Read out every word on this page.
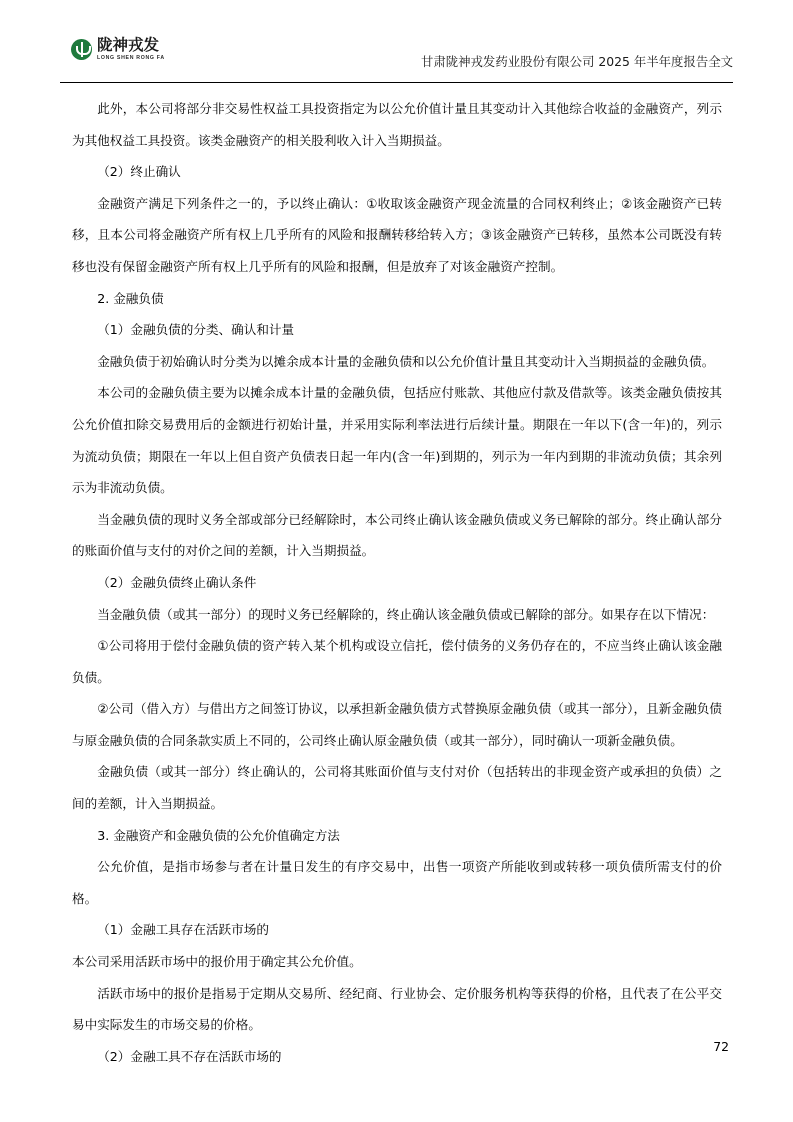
陇神戎发
LONG SHEN RONG FA	甘肃陇神戎发药业股份有限公司 2025 年半年度报告全文

此外，本公司将部分非交易性权益工具投资指定为以公允价值计量且其变动计入其他综合收益的金融资产，列示为其他权益工具投资。该类金融资产的相关股利收入计入当期损益。

（2）终止确认

金融资产满足下列条件之一的，予以终止确认：①收取该金融资产现金流量的合同权利终止；②该金融资产已转移，且本公司将金融资产所有权上几乎所有的风险和报酬转移给转入方；③该金融资产已转移，虽然本公司既没有转移也没有保留金融资产所有权上几乎所有的风险和报酬，但是放弃了对该金融资产控制。

2. 金融负债

（1）金融负债的分类、确认和计量

金融负债于初始确认时分类为以摊余成本计量的金融负债和以公允价值计量且其变动计入当期损益的金融负债。

本公司的金融负债主要为以摊余成本计量的金融负债，包括应付账款、其他应付款及借款等。该类金融负债按其公允价值扣除交易费用后的金额进行初始计量，并采用实际利率法进行后续计量。期限在一年以下(含一年)的，列示为流动负债；期限在一年以上但自资产负债表日起一年内(含一年)到期的，列示为一年内到期的非流动负债；其余列示为非流动负债。

当金融负债的现时义务全部或部分已经解除时，本公司终止确认该金融负债或义务已解除的部分。终止确认部分的账面价值与支付的对价之间的差额，计入当期损益。

（2）金融负债终止确认条件

当金融负债（或其一部分）的现时义务已经解除的，终止确认该金融负债或已解除的部分。如果存在以下情况：

①公司将用于偿付金融负债的资产转入某个机构或设立信托，偿付债务的义务仍存在的，不应当终止确认该金融负债。

②公司（借入方）与借出方之间签订协议，以承担新金融负债方式替换原金融负债（或其一部分），且新金融负债与原金融负债的合同条款实质上不同的，公司终止确认原金融负债（或其一部分），同时确认一项新金融负债。

金融负债（或其一部分）终止确认的，公司将其账面价值与支付对价（包括转出的非现金资产或承担的负债）之间的差额，计入当期损益。

3. 金融资产和金融负债的公允价值确定方法

公允价值，是指市场参与者在计量日发生的有序交易中，出售一项资产所能收到或转移一项负债所需支付的价格。

（1）金融工具存在活跃市场的

本公司采用活跃市场中的报价用于确定其公允价值。

活跃市场中的报价是指易于定期从交易所、经纪商、行业协会、定价服务机构等获得的价格，且代表了在公平交易中实际发生的市场交易的价格。

（2）金融工具不存在活跃市场的

72
